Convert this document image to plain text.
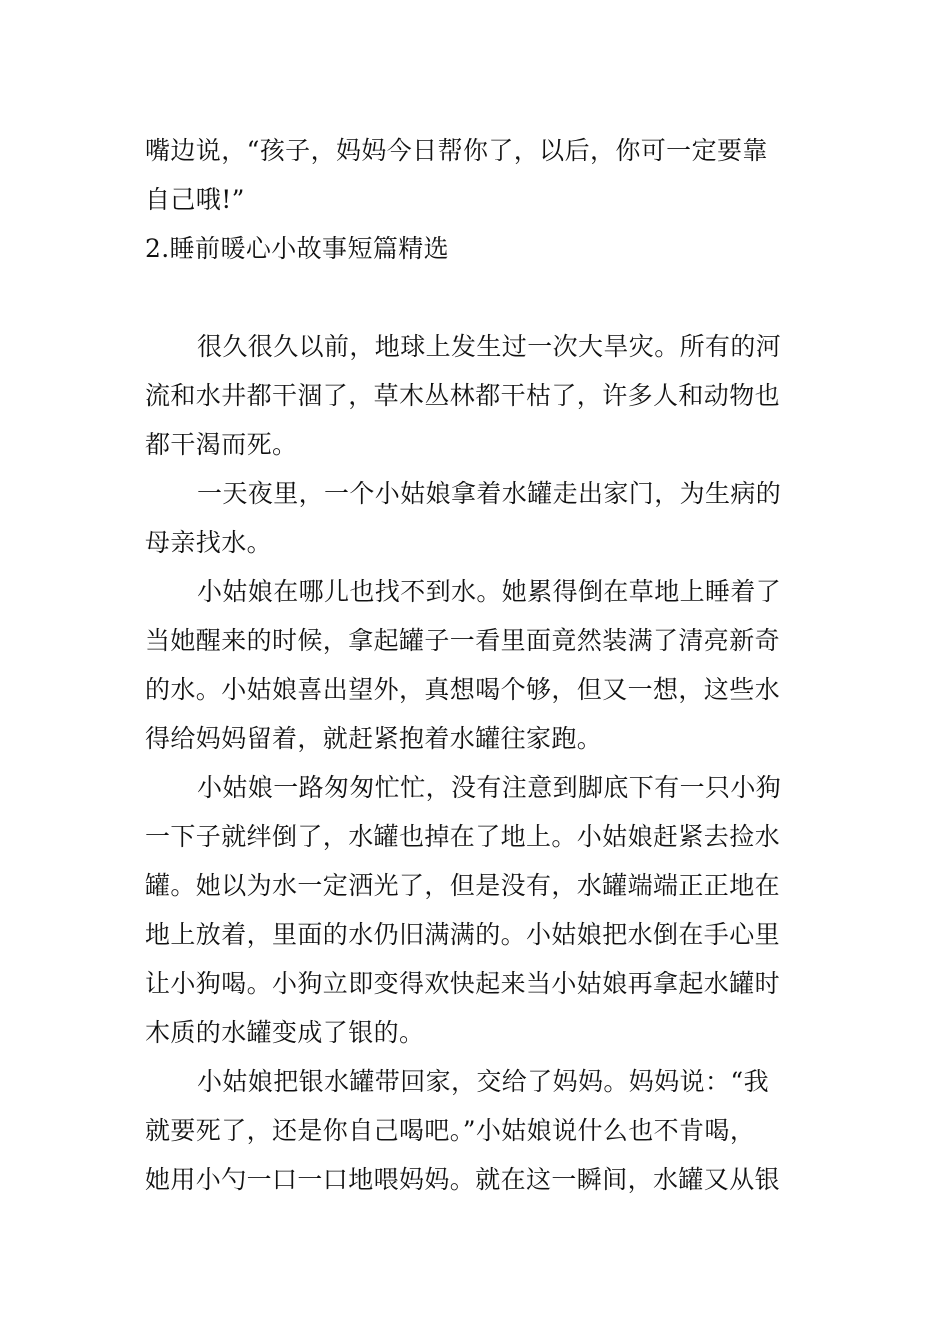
嘴边说，“孩子，妈妈今日帮你了，以后，你可一定要靠
自己哦!”
2.睡前暖心小故事短篇精选
很久很久以前，地球上发生过一次大旱灾。所有的河
流和水井都干涸了，草木丛林都干枯了，许多人和动物也
都干渴而死。
一天夜里，一个小姑娘拿着水罐走出家门，为生病的
母亲找水。
小姑娘在哪儿也找不到水。她累得倒在草地上睡着了
当她醒来的时候，拿起罐子一看里面竟然装满了清亮新奇
的水。小姑娘喜出望外，真想喝个够，但又一想，这些水
得给妈妈留着，就赶紧抱着水罐往家跑。
小姑娘一路匆匆忙忙，没有注意到脚底下有一只小狗
一下子就绊倒了，水罐也掉在了地上。小姑娘赶紧去捡水
罐。她以为水一定洒光了，但是没有，水罐端端正正地在
地上放着，里面的水仍旧满满的。小姑娘把水倒在手心里
让小狗喝。小狗立即变得欢快起来当小姑娘再拿起水罐时
木质的水罐变成了银的。
小姑娘把银水罐带回家，交给了妈妈。妈妈说：“我
就要死了，还是你自己喝吧。”小姑娘说什么也不肯喝，
她用小勺一口一口地喂妈妈。就在这一瞬间，水罐又从银
